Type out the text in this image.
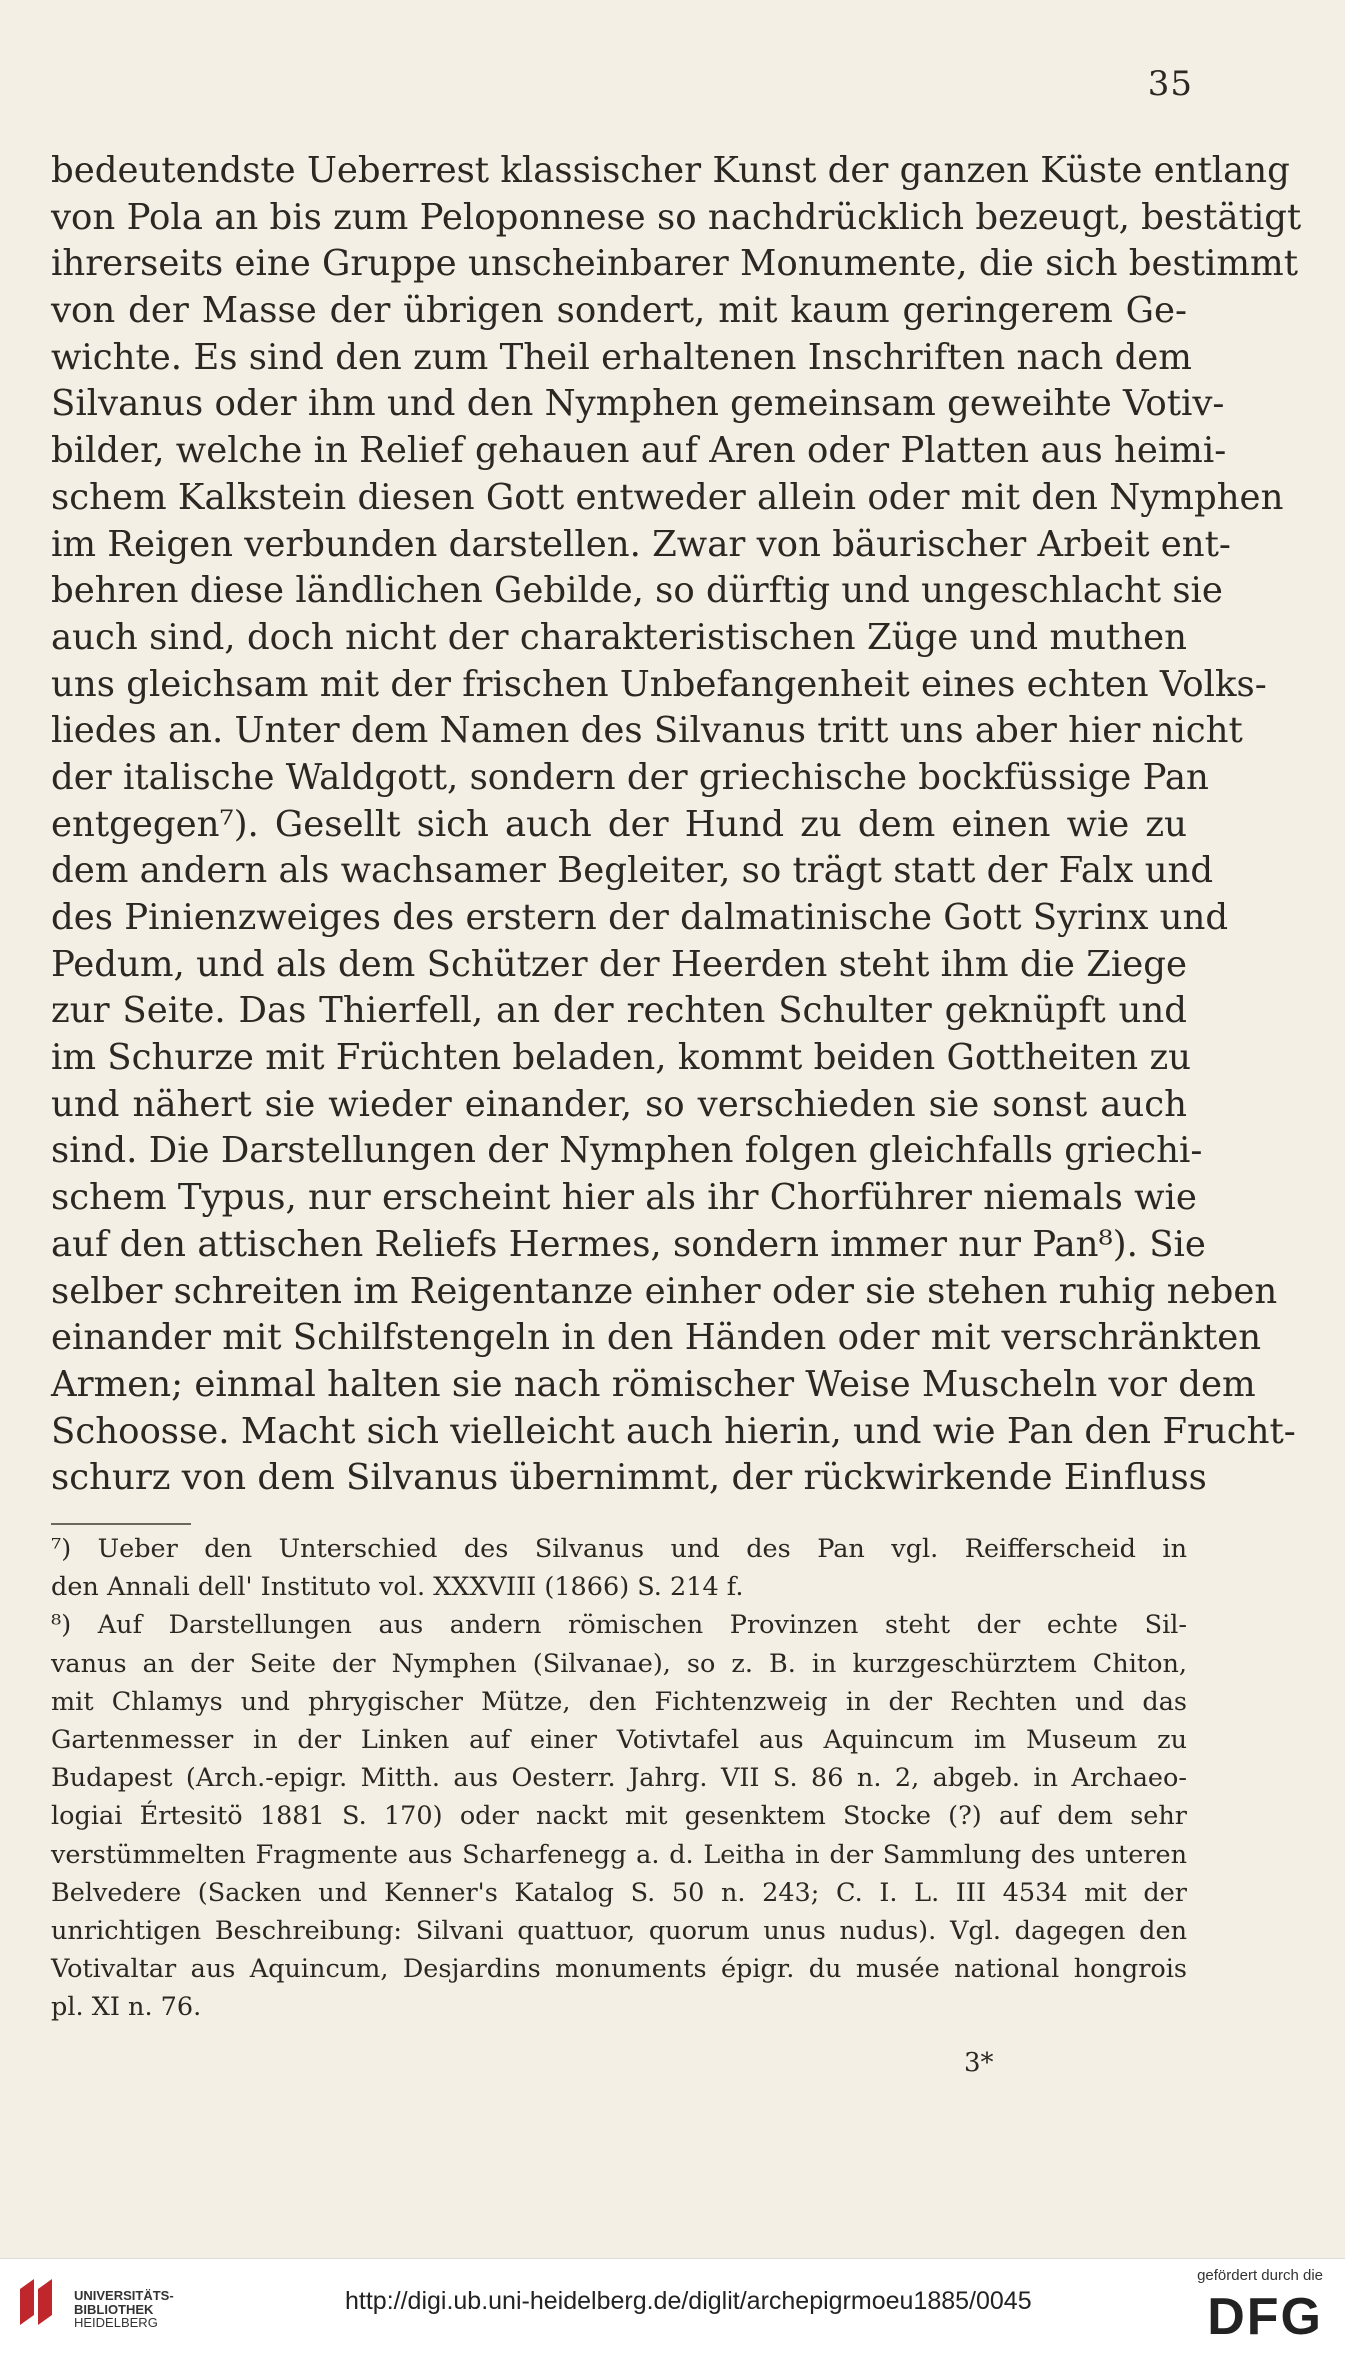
35
bedeutendste Ueberrest klassischer Kunst der ganzen Küste entlang
von Pola an bis zum Peloponnese so nachdrücklich bezeugt, bestätigt
ihrerseits eine Gruppe unscheinbarer Monumente, die sich bestimmt
von der Masse der übrigen sondert, mit kaum geringerem Ge-
wichte. Es sind den zum Theil erhaltenen Inschriften nach dem
Silvanus oder ihm und den Nymphen gemeinsam geweihte Votiv-
bilder, welche in Relief gehauen auf Aren oder Platten aus heimi-
schem Kalkstein diesen Gott entweder allein oder mit den Nymphen
im Reigen verbunden darstellen. Zwar von bäurischer Arbeit ent-
behren diese ländlichen Gebilde, so dürftig und ungeschlacht sie
auch sind, doch nicht der charakteristischen Züge und muthen
uns gleichsam mit der frischen Unbefangenheit eines echten Volks-
liedes an. Unter dem Namen des Silvanus tritt uns aber hier nicht
der italische Waldgott, sondern der griechische bockfüssige Pan
entgegen⁷). Gesellt sich auch der Hund zu dem einen wie zu
dem andern als wachsamer Begleiter, so trägt statt der Falx und
des Pinienzweiges des erstern der dalmatinische Gott Syrinx und
Pedum, und als dem Schützer der Heerden steht ihm die Ziege
zur Seite. Das Thierfell, an der rechten Schulter geknüpft und
im Schurze mit Früchten beladen, kommt beiden Gottheiten zu
und nähert sie wieder einander, so verschieden sie sonst auch
sind. Die Darstellungen der Nymphen folgen gleichfalls griechi-
schem Typus, nur erscheint hier als ihr Chorführer niemals wie
auf den attischen Reliefs Hermes, sondern immer nur Pan⁸). Sie
selber schreiten im Reigentanze einher oder sie stehen ruhig neben
einander mit Schilfstengeln in den Händen oder mit verschränkten
Armen; einmal halten sie nach römischer Weise Muscheln vor dem
Schoosse. Macht sich vielleicht auch hierin, und wie Pan den Frucht-
schurz von dem Silvanus übernimmt, der rückwirkende Einfluss
⁷) Ueber den Unterschied des Silvanus und des Pan vgl. Reifferscheid in
den Annali dell' Instituto vol. XXXVIII (1866) S. 214 f.
⁸) Auf Darstellungen aus andern römischen Provinzen steht der echte Sil-
vanus an der Seite der Nymphen (Silvanae), so z. B. in kurzgeschürztem Chiton,
mit Chlamys und phrygischer Mütze, den Fichtenzweig in der Rechten und das
Gartenmesser in der Linken auf einer Votivtafel aus Aquincum im Museum zu
Budapest (Arch.-epigr. Mitth. aus Oesterr. Jahrg. VII S. 86 n. 2, abgeb. in Archaeo-
logiai Értesitö 1881 S. 170) oder nackt mit gesenktem Stocke (?) auf dem sehr
verstümmelten Fragmente aus Scharfenegg a. d. Leitha in der Sammlung des unteren
Belvedere (Sacken und Kenner's Katalog S. 50 n. 243; C. I. L. III 4534 mit der
unrichtigen Beschreibung: Silvani quattuor, quorum unus nudus). Vgl. dagegen den
Votivaltar aus Aquincum, Desjardins monuments épigr. du musée national hongrois
pl. XI n. 76.
3*
UNIVERSITÄTS-
BIBLIOTHEK
HEIDELBERG
http://digi.ub.uni-heidelberg.de/diglit/archepigrmoeu1885/0045
gefördert durch die
DFG
